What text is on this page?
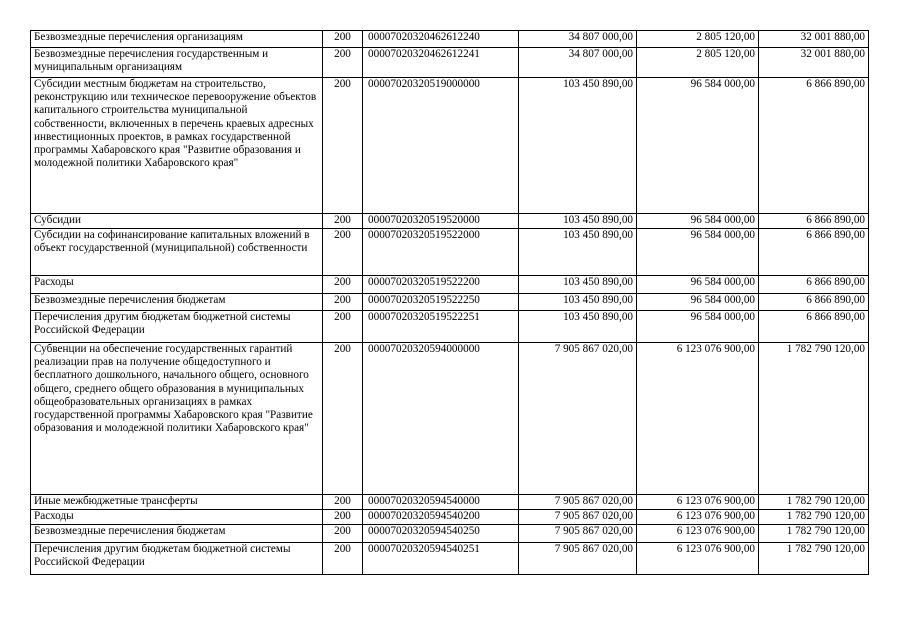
Безвозмездные перечисления организациям	200	00007020320462612240	34 807 000,00	2 805 120,00	32 001 880,00
Безвозмездные перечисления государственным и муниципальным организациям	200	00007020320462612241	34 807 000,00	2 805 120,00	32 001 880,00
Субсидии местным бюджетам на строительство, реконструкцию или техническое перевооружение объектов капитального строительства муниципальной собственности, включенных в перечень краевых адресных инвестиционных проектов, в рамках государственной программы Хабаровского края "Развитие образования и молодежной политики Хабаровского края"	200	00007020320519000000	103 450 890,00	96 584 000,00	6 866 890,00
Субсидии	200	00007020320519520000	103 450 890,00	96 584 000,00	6 866 890,00
Субсидии на софинансирование капитальных вложений в объект государственной (муниципальной) собственности	200	00007020320519522000	103 450 890,00	96 584 000,00	6 866 890,00
Расходы	200	00007020320519522200	103 450 890,00	96 584 000,00	6 866 890,00
Безвозмездные перечисления бюджетам	200	00007020320519522250	103 450 890,00	96 584 000,00	6 866 890,00
Перечисления другим бюджетам бюджетной системы Российской Федерации	200	00007020320519522251	103 450 890,00	96 584 000,00	6 866 890,00
Субвенции на обеспечение государственных гарантий реализации прав на получение общедоступного и бесплатного дошкольного, начального общего, основного общего, среднего общего образования в муниципальных общеобразовательных организациях в рамках государственной программы Хабаровского края "Развитие образования и молодежной политики Хабаровского края"	200	00007020320594000000	7 905 867 020,00	6 123 076 900,00	1 782 790 120,00
Иные межбюджетные трансферты	200	00007020320594540000	7 905 867 020,00	6 123 076 900,00	1 782 790 120,00
Расходы	200	00007020320594540200	7 905 867 020,00	6 123 076 900,00	1 782 790 120,00
Безвозмездные перечисления бюджетам	200	00007020320594540250	7 905 867 020,00	6 123 076 900,00	1 782 790 120,00
Перечисления другим бюджетам бюджетной системы Российской Федерации	200	00007020320594540251	7 905 867 020,00	6 123 076 900,00	1 782 790 120,00
